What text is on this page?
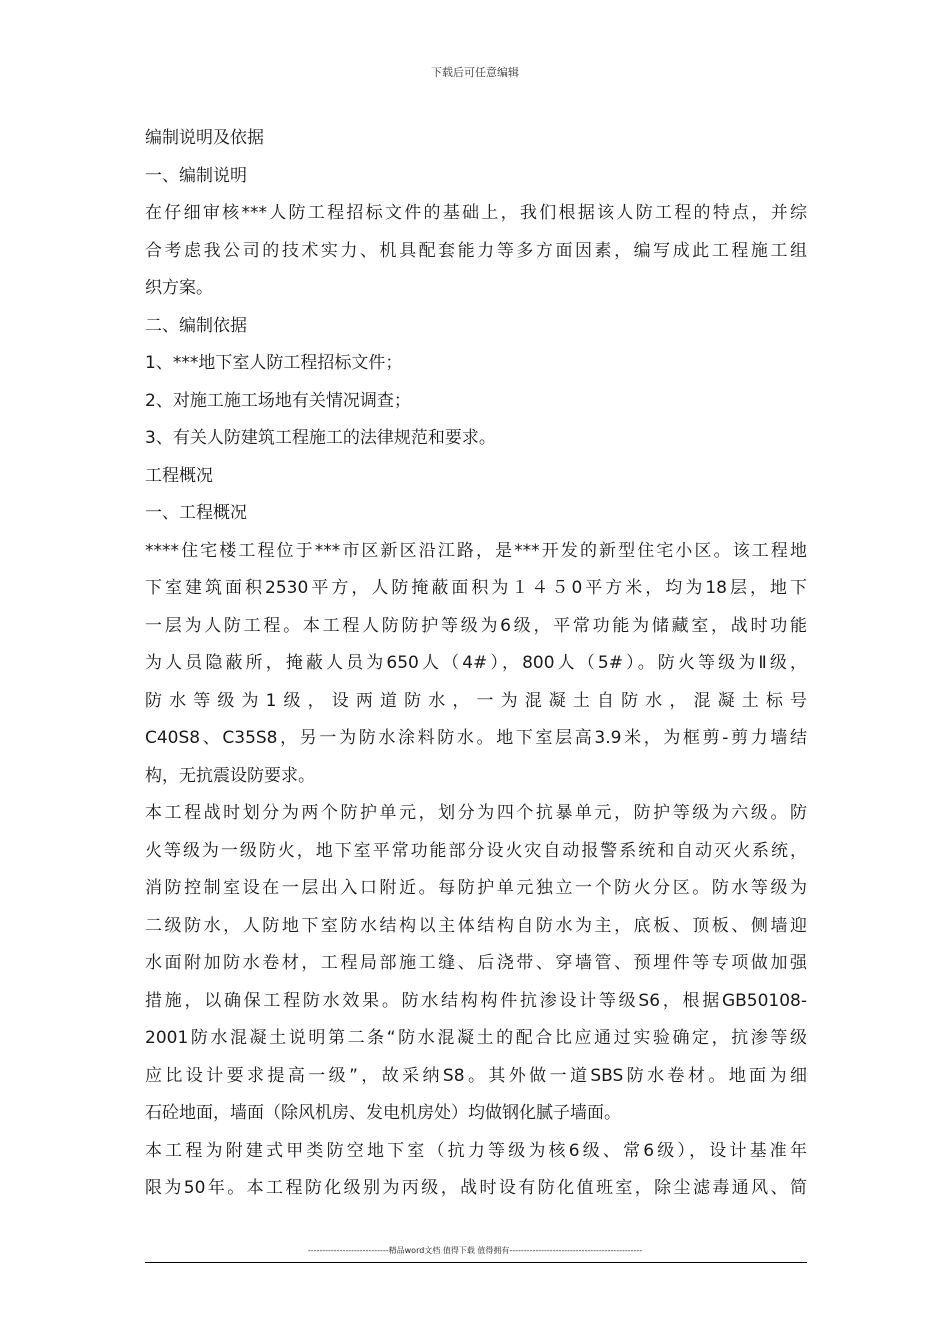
下载后可任意编辑
编制说明及依据
一、编制说明
在仔细审核***人防工程招标文件的基础上，我们根据该人防工程的特点，并综
合考虑我公司的技术实力、机具配套能力等多方面因素，编写成此工程施工组
织方案。
二、编制依据
1、***地下室人防工程招标文件；
2、对施工施工场地有关情况调查；
3、有关人防建筑工程施工的法律规范和要求。
工程概况
一、工程概况
****住宅楼工程位于***市区新区沿江路，是***开发的新型住宅小区。该工程地
下室建筑面积2530平方，人防掩蔽面积为１４５0平方米，均为18层，地下
一层为人防工程。本工程人防防护等级为6级，平常功能为储藏室，战时功能
为人员隐蔽所，掩蔽人员为650人（4#），800人（5#）。防火等级为Ⅱ级，
防水等级为1级，设两道防水，一为混凝土自防水，混凝土标号
C40S8、C35S8，另一为防水涂料防水。地下室层高3.9米，为框剪-剪力墙结
构，无抗震设防要求。
本工程战时划分为两个防护单元，划分为四个抗暴单元，防护等级为六级。防
火等级为一级防火，地下室平常功能部分设火灾自动报警系统和自动灭火系统，
消防控制室设在一层出入口附近。每防护单元独立一个防火分区。防水等级为
二级防水，人防地下室防水结构以主体结构自防水为主，底板、顶板、侧墙迎
水面附加防水卷材，工程局部施工缝、后浇带、穿墙管、预埋件等专项做加强
措施，以确保工程防水效果。防水结构构件抗渗设计等级S6，根据GB50108-
2001防水混凝土说明第二条“防水混凝土的配合比应通过实验确定，抗渗等级
应比设计要求提高一级”，故采纳S8。其外做一道SBS防水卷材。地面为细
石砼地面，墙面（除风机房、发电机房处）均做钢化腻子墙面。
本工程为附建式甲类防空地下室（抗力等级为核6级、常6级），设计基准年
限为50年。本工程防化级别为丙级，战时设有防化值班室，除尘滤毒通风、简
----------------------------精品word文档 值得下载 值得拥有----------------------------------------------
